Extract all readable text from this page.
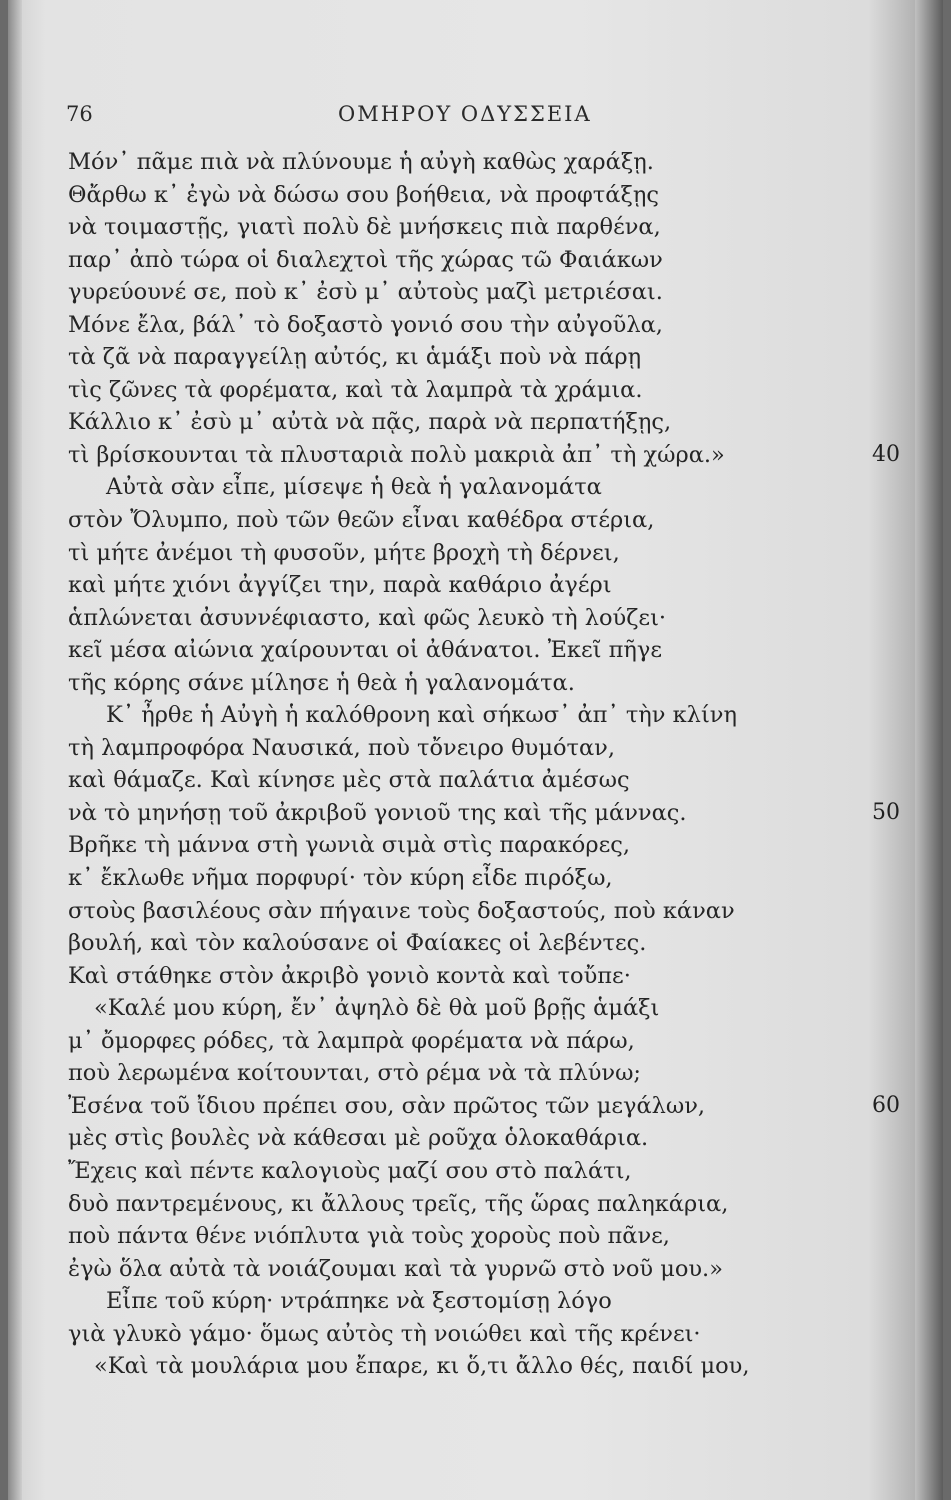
76	ΟΜΗΡΟΥ ΟΔΥΣΣΕΙΑ
Μόν᾽ πᾶμε πιὰ νὰ πλύνουμε ἡ αὐγὴ καθὼς χαράξῃ.
Θἄρθω κ᾽ ἐγὼ νὰ δώσω σου βοήθεια, νὰ προφτάξῃς
νὰ τοιμαστῇς, γιατὶ πολὺ δὲ μνήσκεις πιὰ παρθένα,
παρ᾽ ἀπὸ τώρα οἱ διαλεχτοὶ τῆς χώρας τῶ Φαιάκων
γυρεύουνέ σε, ποὺ κ᾽ ἐσὺ μ᾽ αὐτοὺς μαζὶ μετριέσαι.
Μόνε ἔλα, βάλ᾽ τὸ δοξαστὸ γονιό σου τὴν αὐγοῦλα,
τὰ ζᾶ νὰ παραγγείλῃ αὐτός, κι ἁμάξι ποὺ νὰ πάρῃ
τὶς ζῶνες τὰ φορέματα, καὶ τὰ λαμπρὰ τὰ χράμια.
Κάλλιο κ᾽ ἐσὺ μ᾽ αὐτὰ νὰ πᾷς, παρὰ νὰ περπατήξῃς,
τὶ βρίσκουνται τὰ πλυσταριὰ πολὺ μακριὰ ἀπ᾽ τὴ χώρα.»	40
Αὐτὰ σὰν εἶπε, μίσεψε ἡ θεὰ ἡ γαλανομάτα
στὸν Ὄλυμπο, ποὺ τῶν θεῶν εἶναι καθέδρα στέρια,
τὶ μήτε ἀνέμοι τὴ φυσοῦν, μήτε βροχὴ τὴ δέρνει,
καὶ μήτε χιόνι ἀγγίζει την, παρὰ καθάριο ἀγέρι
ἁπλώνεται ἀσυννέφιαστο, καὶ φῶς λευκὸ τὴ λούζει·
κεῖ μέσα αἰώνια χαίρουνται οἱ ἀθάνατοι. Ἐκεῖ πῆγε
τῆς κόρης σάνε μίλησε ἡ θεὰ ἡ γαλανομάτα.
Κ᾽ ἦρθε ἡ Αὐγὴ ἡ καλόθρονη καὶ σήκωσ᾽ ἀπ᾽ τὴν κλίνη
τὴ λαμπροφόρα Ναυσικά, ποὺ τὄνειρο θυμόταν,
καὶ θάμαζε. Καὶ κίνησε μὲς στὰ παλάτια ἀμέσως
νὰ τὸ μηνήσῃ τοῦ ἀκριβοῦ γονιοῦ της καὶ τῆς μάννας.	50
Βρῆκε τὴ μάννα στὴ γωνιὰ σιμὰ στὶς παρακόρες,
κ᾽ ἔκλωθε νῆμα πορφυρί· τὸν κύρη εἶδε πιρόξω,
στοὺς βασιλέους σὰν πήγαινε τοὺς δοξαστούς, ποὺ κάναν
βουλή, καὶ τὸν καλούσανε οἱ Φαίακες οἱ λεβέντες.
Καὶ στάθηκε στὸν ἀκριβὸ γονιὸ κοντὰ καὶ τοὔπε·
«Καλέ μου κύρη, ἔν᾽ ἀψηλὸ δὲ θὰ μοῦ βρῇς ἁμάξι
μ᾽ ὄμορφες ρόδες, τὰ λαμπρὰ φορέματα νὰ πάρω,
ποὺ λερωμένα κοίτουνται, στὸ ρέμα νὰ τὰ πλύνω;
Ἐσένα τοῦ ἴδιου πρέπει σου, σὰν πρῶτος τῶν μεγάλων,	60
μὲς στὶς βουλὲς νὰ κάθεσαι μὲ ροῦχα ὁλοκαθάρια.
Ἔχεις καὶ πέντε καλογιοὺς μαζί σου στὸ παλάτι,
δυὸ παντρεμένους, κι ἄλλους τρεῖς, τῆς ὥρας παληκάρια,
ποὺ πάντα θένε νιόπλυτα γιὰ τοὺς χοροὺς ποὺ πᾶνε,
ἐγὼ ὅλα αὐτὰ τὰ νοιάζουμαι καὶ τὰ γυρνῶ στὸ νοῦ μου.»
Εἶπε τοῦ κύρη· ντράπηκε νὰ ξεστομίσῃ λόγο
γιὰ γλυκὸ γάμο· ὅμως αὐτὸς τὴ νοιώθει καὶ τῆς κρένει·
«Καὶ τὰ μουλάρια μου ἔπαρε, κι ὅ,τι ἄλλο θές, παιδί μου,
